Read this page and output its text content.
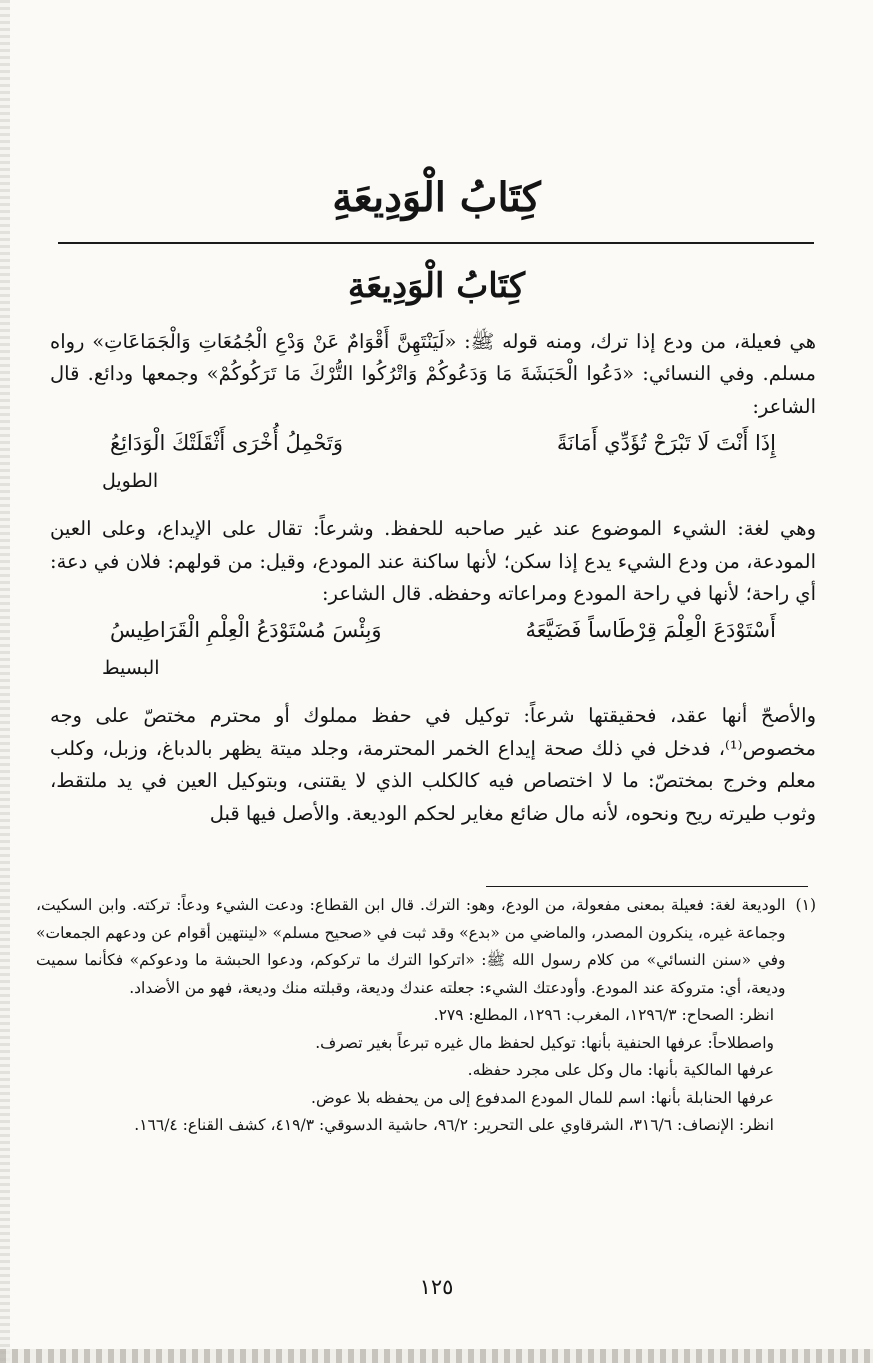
كِتَابُ الْوَدِيعَةِ
كِتَابُ الْوَدِيعَةِ

هي فعيلة، من ودع إذا ترك، ومنه قوله ﷺ: «لَيَنْتَهِنَّ أَقْوَامٌ عَنْ وَدْعِ الْجُمُعَاتِ وَالْجَمَاعَاتِ» رواه مسلم. وفي النسائي: «دَعُوا الْحَبَشَةَ مَا وَدَعُوكُمْ وَاتْرُكُوا التُّرْكَ مَا تَرَكُوكُمْ» وجمعها ودائع. قال الشاعر:

إِذَا أَنْتَ لَا تَبْرَحْ تُؤَدِّي أَمَانَةً
وَتَحْمِلُ أُخْرَى أَثْقَلَتْكَ الْوَدَائِعُ
الطويل

وهي لغة: الشيء الموضوع عند غير صاحبه للحفظ. وشرعاً: تقال على الإيداع، وعلى العين المودعة، من ودع الشيء يدع إذا سكن؛ لأنها ساكنة عند المودع، وقيل: من قولهم: فلان في دعة: أي راحة؛ لأنها في راحة المودع ومراعاته وحفظه. قال الشاعر:

أَسْتَوْدَعَ الْعِلْمَ قِرْطَاساً فَضَيَّعَهُ
وَبِئْسَ مُسْتَوْدَعُ الْعِلْمِ الْقَرَاطِيسُ
البسيط

والأصحّ أنها عقد، فحقيقتها شرعاً: توكيل في حفظ مملوك أو محترم مختصّ على وجه مخصوص⁽¹⁾، فدخل في ذلك صحة إيداع الخمر المحترمة، وجلد ميتة يظهر بالدباغ، وزبل، وكلب معلم وخرج بمختصّ: ما لا اختصاص فيه كالكلب الذي لا يقتنى، وبتوكيل العين في يد ملتقط، وثوب طيرته ريح ونحوه، لأنه مال ضائع مغاير لحكم الوديعة. والأصل فيها قبل

(١)

الوديعة لغة: فعيلة بمعنى مفعولة، من الودع، وهو: الترك. قال ابن القطاع: ودعت الشيء ودعاً: تركته. وابن السكيت، وجماعة غيره، ينكرون المصدر، والماضي من «بدع» وقد ثبت في «صحيح مسلم» «لينتهين أقوام عن ودعهم الجمعات» وفي «سنن النسائي» من كلام رسول الله ﷺ: «اتركوا الترك ما تركوكم، ودعوا الحبشة ما ودعوكم» فكأنما سميت وديعة، أي: متروكة عند المودع. وأودعتك الشيء: جعلته عندك وديعة، وقبلته منك وديعة، فهو من الأضداد.

انظر: الصحاح: ١٢٩٦/٣، المغرب: ١٢٩٦، المطلع: ٢٧٩.

واصطلاحاً: عرفها الحنفية بأنها: توكيل لحفظ مال غيره تبرعاً بغير تصرف.

عرفها المالكية بأنها: مال وكل على مجرد حفظه.

عرفها الحنابلة بأنها: اسم للمال المودع المدفوع إلى من يحفظه بلا عوض.

انظر: الإنصاف: ٣١٦/٦، الشرقاوي على التحرير: ٩٦/٢، حاشية الدسوقي: ٤١٩/٣، كشف القناع: ١٦٦/٤.

١٢٥
